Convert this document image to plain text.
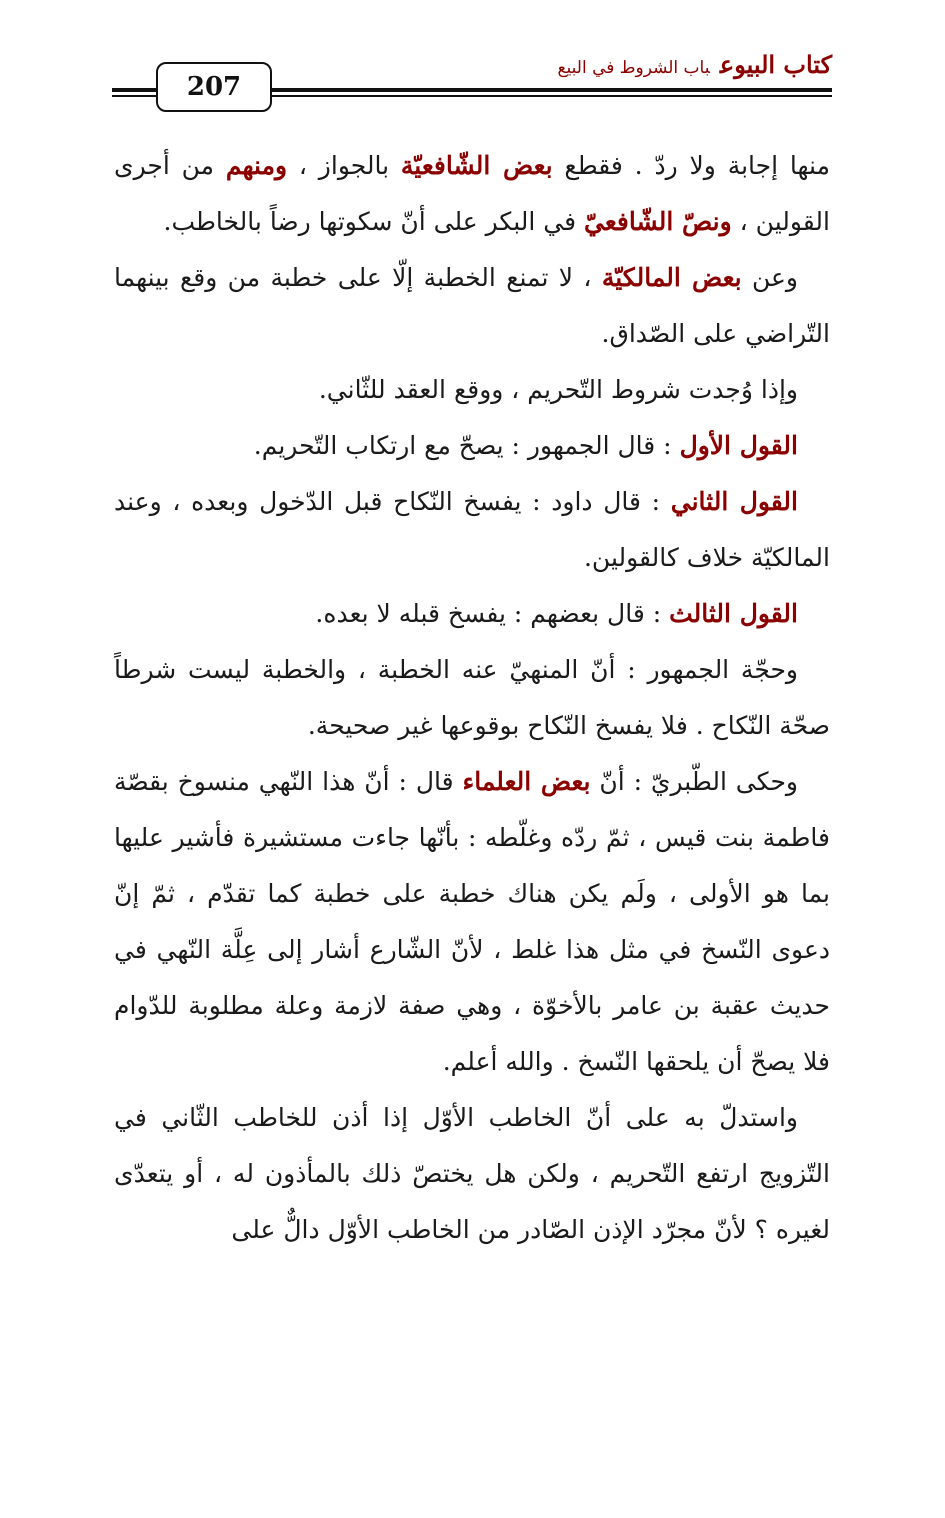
207
كتاب البيوعباب الشروط في البيع

منها إجابة ولا ردّ . فقطع بعض الشّافعيّة بالجواز ، ومنهم من أجرى القولين ، ونصّ الشّافعيّ في البكر على أنّ سكوتها رضاً بالخاطب.

وعن بعض المالكيّة ، لا تمنع الخطبة إلّا على خطبة من وقع بينهما التّراضي على الصّداق.

وإذا وُجدت شروط التّحريم ، ووقع العقد للثّاني.

القول الأول : قال الجمهور : يصحّ مع ارتكاب التّحريم.

القول الثاني : قال داود : يفسخ النّكاح قبل الدّخول وبعده ، وعند المالكيّة خلاف كالقولين.

القول الثالث : قال بعضهم : يفسخ قبله لا بعده.

وحجّة الجمهور : أنّ المنهيّ عنه الخطبة ، والخطبة ليست شرطاً صحّة النّكاح . فلا يفسخ النّكاح بوقوعها غير صحيحة.

وحكى الطّبريّ : أنّ بعض العلماء قال : أنّ هذا النّهي منسوخ بقصّة فاطمة بنت قيس ، ثمّ ردّه وغلّطه : بأنّها جاءت مستشيرة فأشير عليها بما هو الأولى ، ولَم يكن هناك خطبة على خطبة كما تقدّم ، ثمّ إنّ دعوى النّسخ في مثل هذا غلط ، لأنّ الشّارع أشار إلى عِلَّة النّهي في حديث عقبة بن عامر بالأخوّة ، وهي صفة لازمة وعلة مطلوبة للدّوام فلا يصحّ أن يلحقها النّسخ . والله أعلم.

واستدلّ به على أنّ الخاطب الأوّل إذا أذن للخاطب الثّاني في التّزويج ارتفع التّحريم ، ولكن هل يختصّ ذلك بالمأذون له ، أو يتعدّى لغيره ؟ لأنّ مجرّد الإذن الصّادر من الخاطب الأوّل دالٌّ على
